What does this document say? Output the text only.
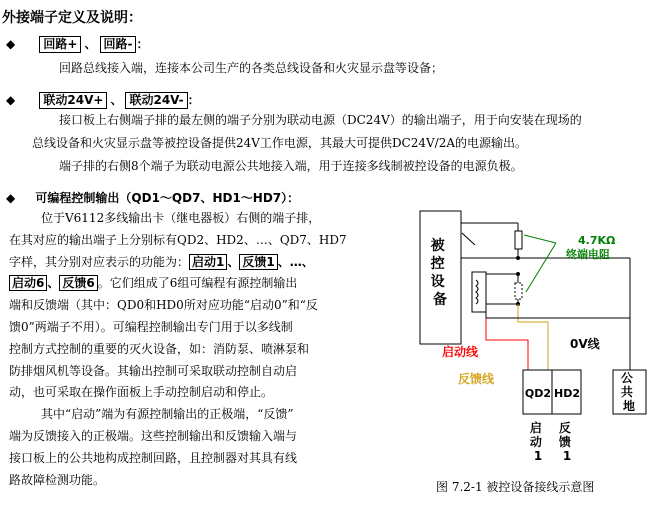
外接端子定义及说明：
◆ 回路+ 、 回路- ：
回路总线接入端，连接本公司生产的各类总线设备和火灾显示盘等设备；
◆ 联动24V+ 、 联动24V- ：
接口板上右侧端子排的最左侧的端子分别为联动电源（DC24V）的输出端子，用于向安装在现场的
总线设备和火灾显示盘等被控设备提供24V工作电源，其最大可提供DC24V/2A的电源输出。
端子排的右侧8个端子为联动电源公共地接入端，用于连接多线制被控设备的电源负极。
◆ 可编程控制输出（QD1～QD7、HD1～HD7）：
位于V6112多线输出卡（继电器板）右侧的端子排，
在其对应的输出端子上分别标有QD2、HD2、…、QD7、HD7
字样，其分别对应表示的功能为： 启动1 、 反馈1 、…、
启动6 、 反馈6 。它们组成了6组可编程有源控制输出
端和反馈端（其中：QD0和HD0所对应功能“启动0”和“反
馈0”两端子不用）。可编程控制输出专门用于以多线制
控制方式控制的重要的灭火设备，如：消防泵、喷淋泵和
防排烟风机等设备。其输出控制可采取联动控制自动启
动，也可采取在操作面板上手动控制启动和停止。
其中“启动”端为有源控制输出的正极端，“反馈”
端为反馈接入的正极端。这些控制输出和反馈输入端与
接口板上的公共地构成控制回路，且控制器对其具有线
路故障检测功能。
被 控 设 备
4.7KΩ 终端电阻
启动线
反馈线
0V线
QD2 HD2
启 动 1
反 馈 1
公 共 地
图 7.2-1 被控设备接线示意图
